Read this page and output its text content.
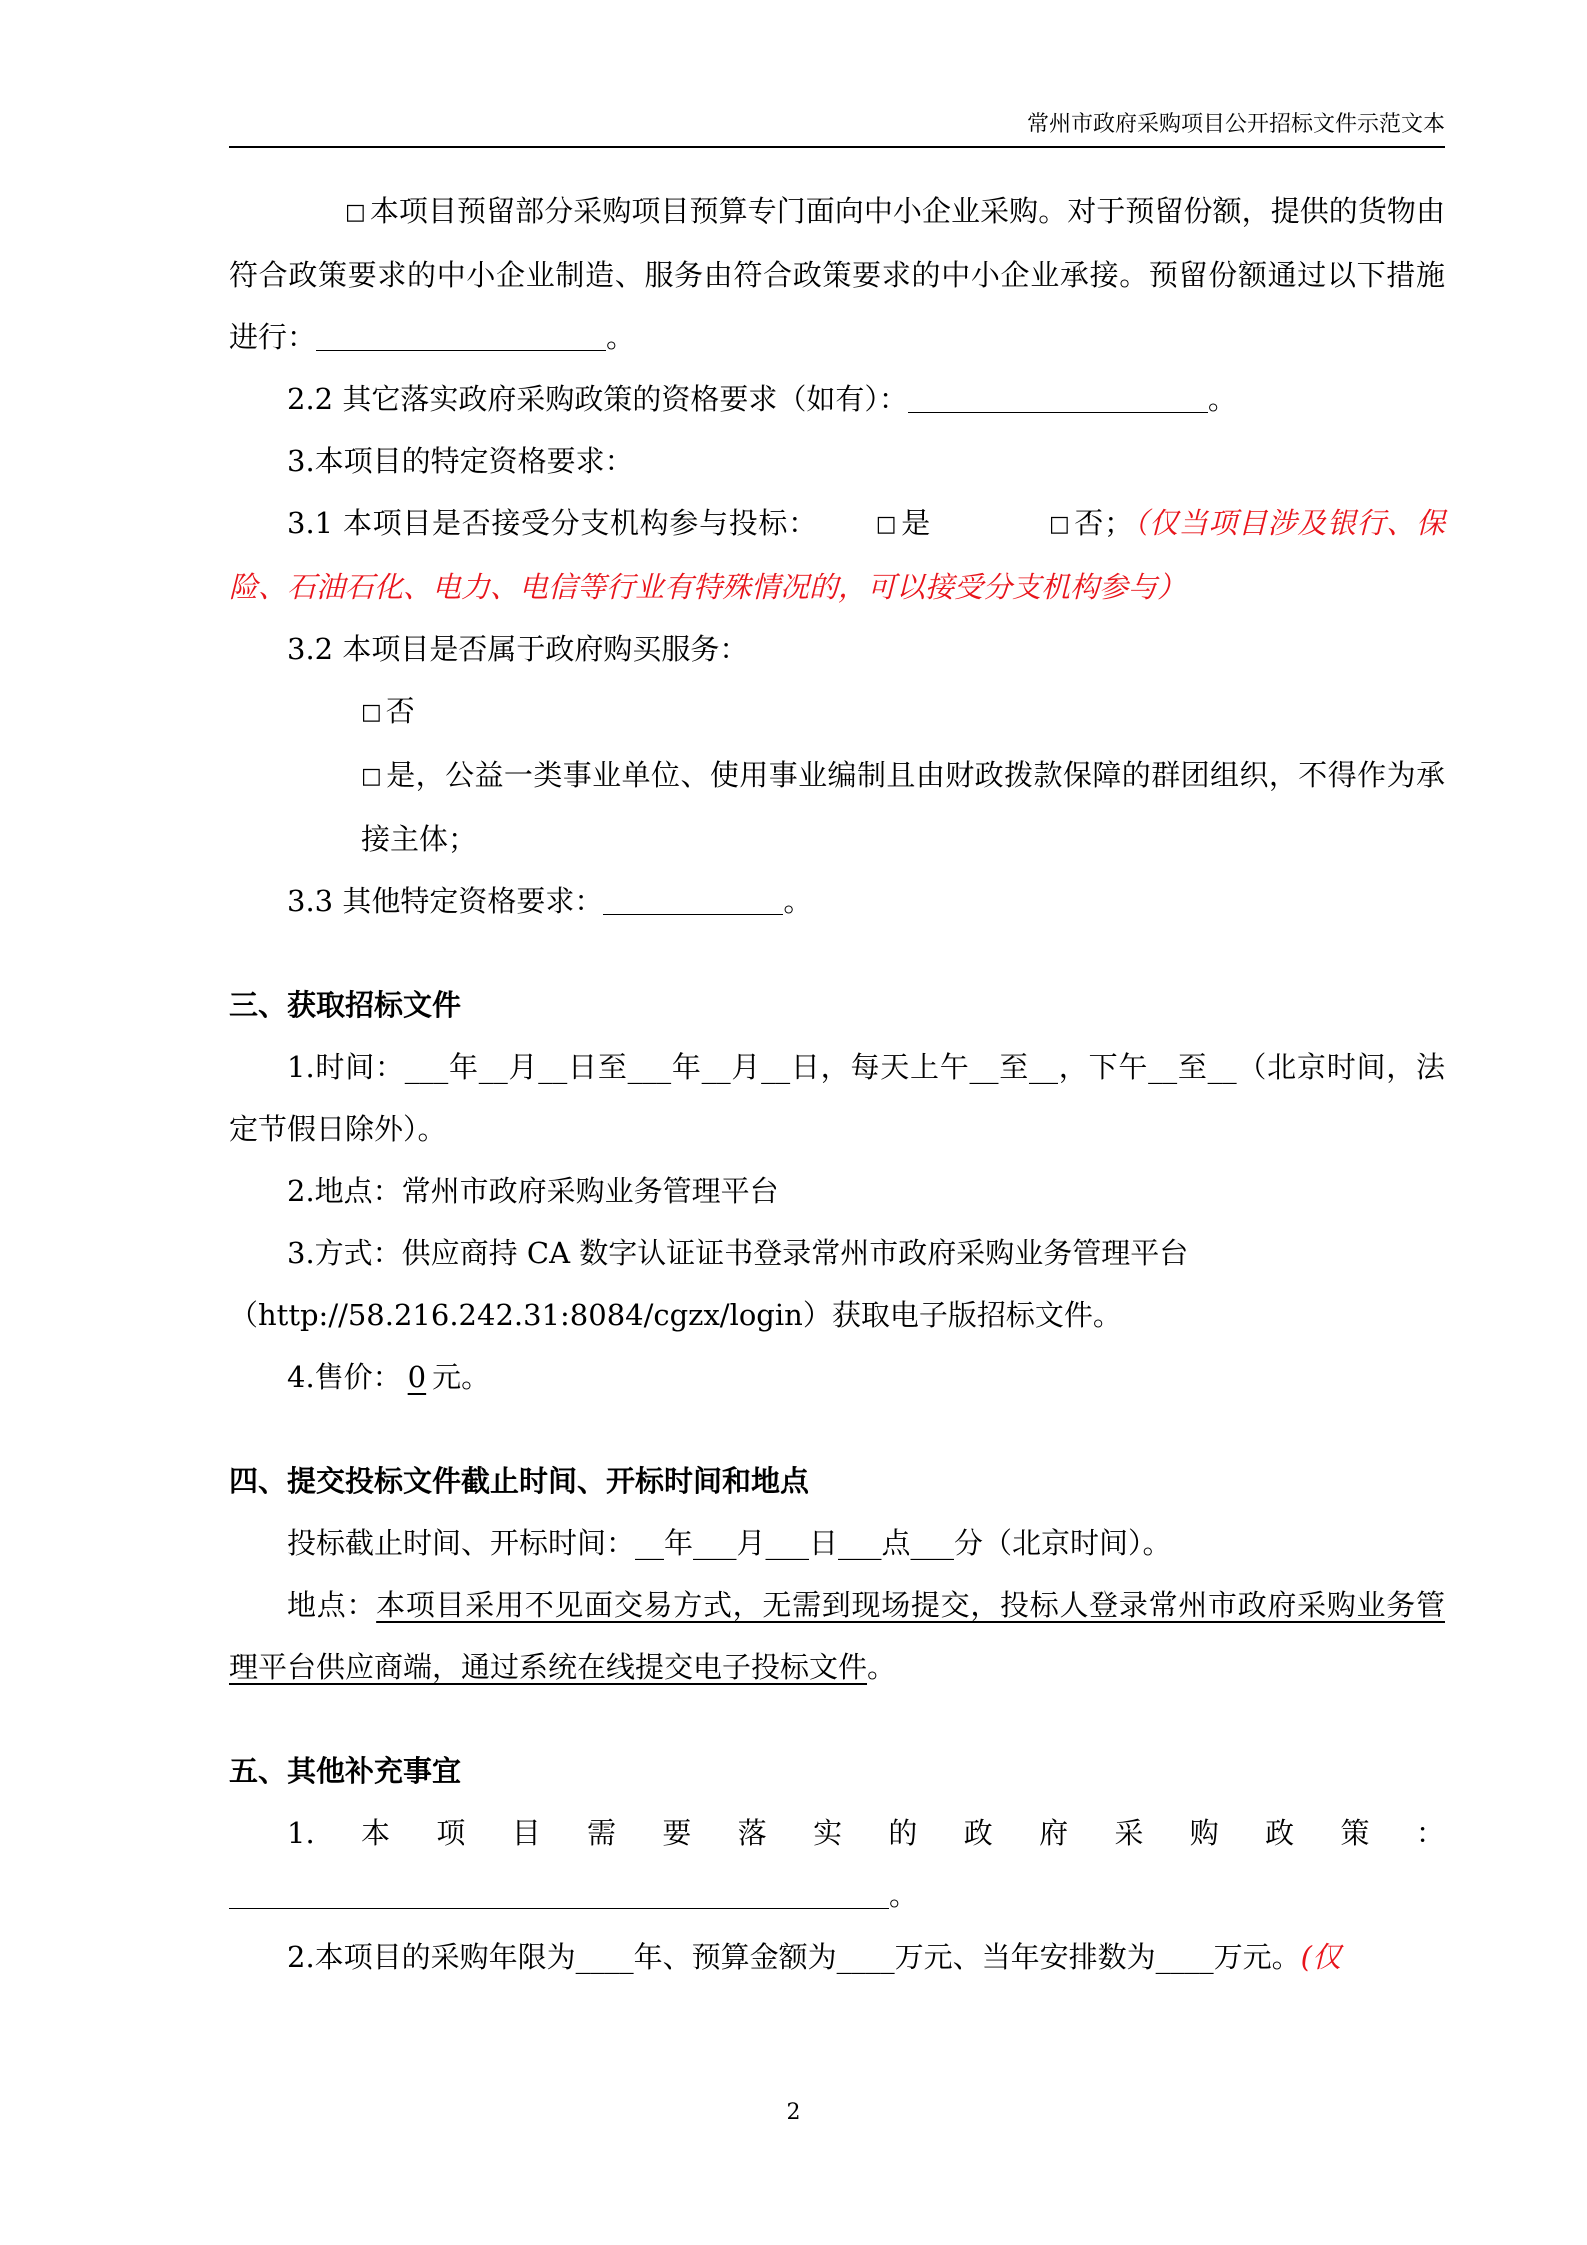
常州市政府采购项目公开招标文件示范文本

□ 本项目预留部分采购项目预算专门面向中小企业采购。对于预留份额，提供的货物由符合政策要求的中小企业制造、服务由符合政策要求的中小企业承接。预留份额通过以下措施进行：	。

2.2 其它落实政府采购政策的资格要求（如有）：	。

3.本项目的特定资格要求：

3.1 本项目是否接受分支机构参与投标：	□ 是	□ 否；（仅当项目涉及银行、保险、石油石化、电力、电信等行业有特殊情况的，可以接受分支机构参与）

3.2 本项目是否属于政府购买服务：

□ 否

□ 是，公益一类事业单位、使用事业编制且由财政拨款保障的群团组织，不得作为承接主体；

3.3 其他特定资格要求：	。

三、获取招标文件

1.时间：___年__月__日至___年__月__日，每天上午__至__，下午__至__（北京时间，法定节假日除外）。

2.地点：常州市政府采购业务管理平台

3.方式：供应商持 CA 数字认证证书登录常州市政府采购业务管理平台

（http://58.216.242.31:8084/cgzx/login）获取电子版招标文件。

4.售价： 0 元。

四、提交投标文件截止时间、开标时间和地点

投标截止时间、开标时间：__年___月___日___点___分（北京时间）。

地点：本项目采用不见面交易方式，无需到现场提交，投标人登录常州市政府采购业务管理平台供应商端，通过系统在线提交电子投标文件。

五、其他补充事宜

1. 本 项 目 需 要 落 实 的 政 府 采 购 政 策 ：

。

2.本项目的采购年限为____年、预算金额为____万元、当年安排数为____万元。(仅

2
